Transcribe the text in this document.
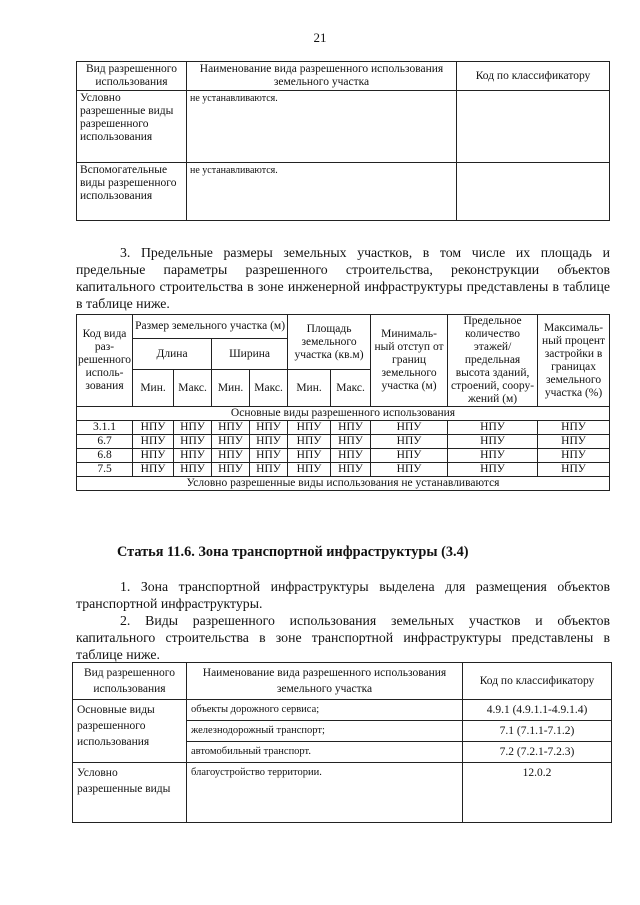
21
Вид разрешенного использования	Наименование вида разрешенного использования земельного участка	Код по классификатору
Условно разрешенные виды разрешенного использования	не устанавливаются.	
Вспомогательные виды разрешенного использования	не устанавливаются.	

3. Предельные размеры земельных участков, в том числе их площадь и предельные параметры разрешенного строительства, реконструкции объектов капитального строительства в зоне инженерной инфраструктуры представлены в таблице в таблице ниже.

Код вида раз-решенного исполь-зования	Размер земельного участка (м)				Площадь земельного участка (кв.м)		Минималь-ный отступ от границ земельного участка (м)	Предельное количество этажей/ предельная высота зданий, строений, соору-жений (м)	Максималь-ный процент застройки в границах земельного участка (%)
	Длина		Ширина						
	Мин.	Макс.	Мин.	Макс.	Мин.	Макс.			
Основные виды разрешенного использования									
3.1.1	НПУ	НПУ	НПУ	НПУ	НПУ	НПУ	НПУ	НПУ	НПУ
6.7	НПУ	НПУ	НПУ	НПУ	НПУ	НПУ	НПУ	НПУ	НПУ
6.8	НПУ	НПУ	НПУ	НПУ	НПУ	НПУ	НПУ	НПУ	НПУ
7.5	НПУ	НПУ	НПУ	НПУ	НПУ	НПУ	НПУ	НПУ	НПУ
Условно разрешенные виды использования не устанавливаются									
Статья 11.6. Зона транспортной инфраструктуры (3.4)

1. Зона транспортной инфраструктуры выделена для размещения объектов транспортной инфраструктуры.

2. Виды разрешенного использования земельных участков и объектов капитального строительства в зоне транспортной инфраструктуры представлены в таблице ниже.

Вид разрешенного использования	Наименование вида разрешенного использования земельного участка	Код по классификатору
Основные виды разрешенного использования	объекты дорожного сервиса;	4.9.1 (4.9.1.1-4.9.1.4)
	железнодорожный транспорт;	7.1 (7.1.1-7.1.2)
	автомобильный транспорт.	7.2 (7.2.1-7.2.3)
Условно разрешенные виды	благоустройство территории.	12.0.2
